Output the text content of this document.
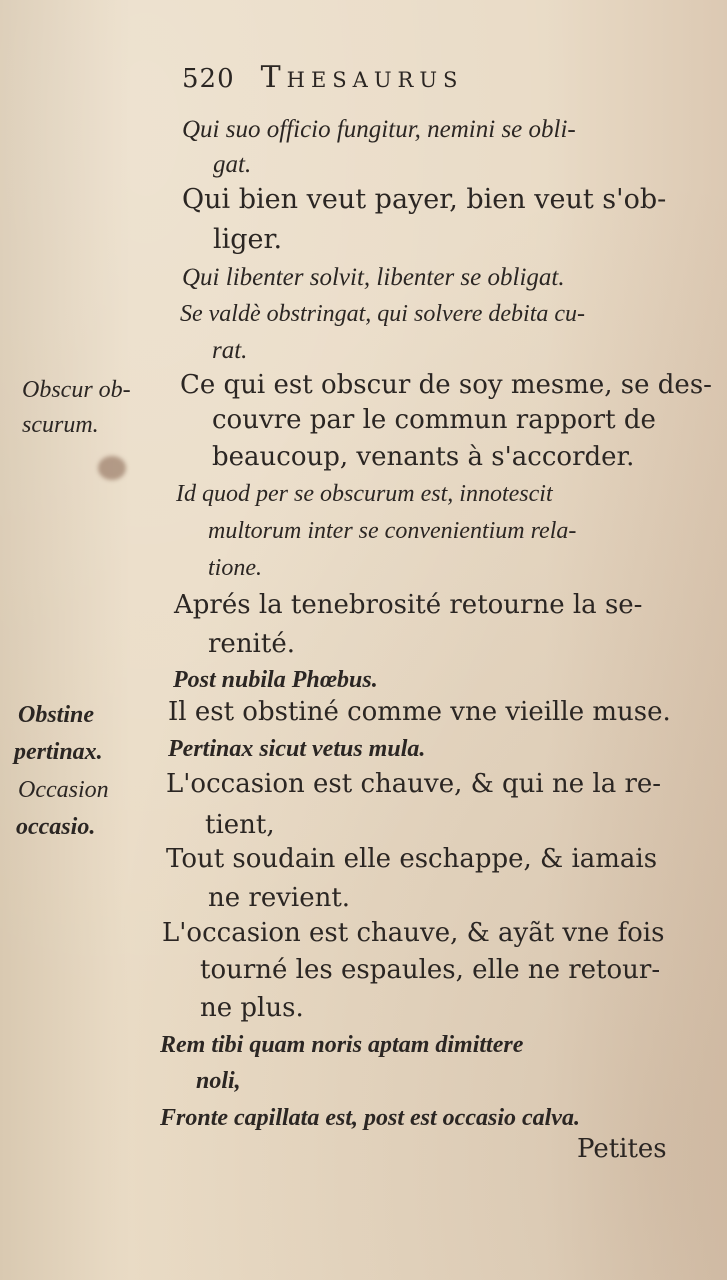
520 Thesaurus
Obscur ob-
scurum.
Obstine
pertinax.
Occasion
occasio.
Qui suo officio fungitur, nemini se obli-
gat.
Qui bien veut payer, bien veut s'ob-
liger.
Qui libenter solvit, libenter se obligat.
Se valdè obstringat, qui solvere debita cu-
rat.
Ce qui est obscur de soy mesme, se des-
couvre par le commun rapport de
beaucoup, venants à s'accorder.
Id quod per se obscurum est, innotescit
multorum inter se convenientium rela-
tione.
Aprés la tenebrosité retourne la se-
renité.
Post nubila Phœbus.
Il est obstiné comme vne vieille muse.
Pertinax sicut vetus mula.
L'occasion est chauve, & qui ne la re-
tient,
Tout soudain elle eschappe, & iamais
ne revient.
L'occasion est chauve, & ayãt vne fois
tourné les espaules, elle ne retour-
ne plus.
Rem tibi quam noris aptam dimittere
noli,
Fronte capillata est, post est occasio calva.
Petites
